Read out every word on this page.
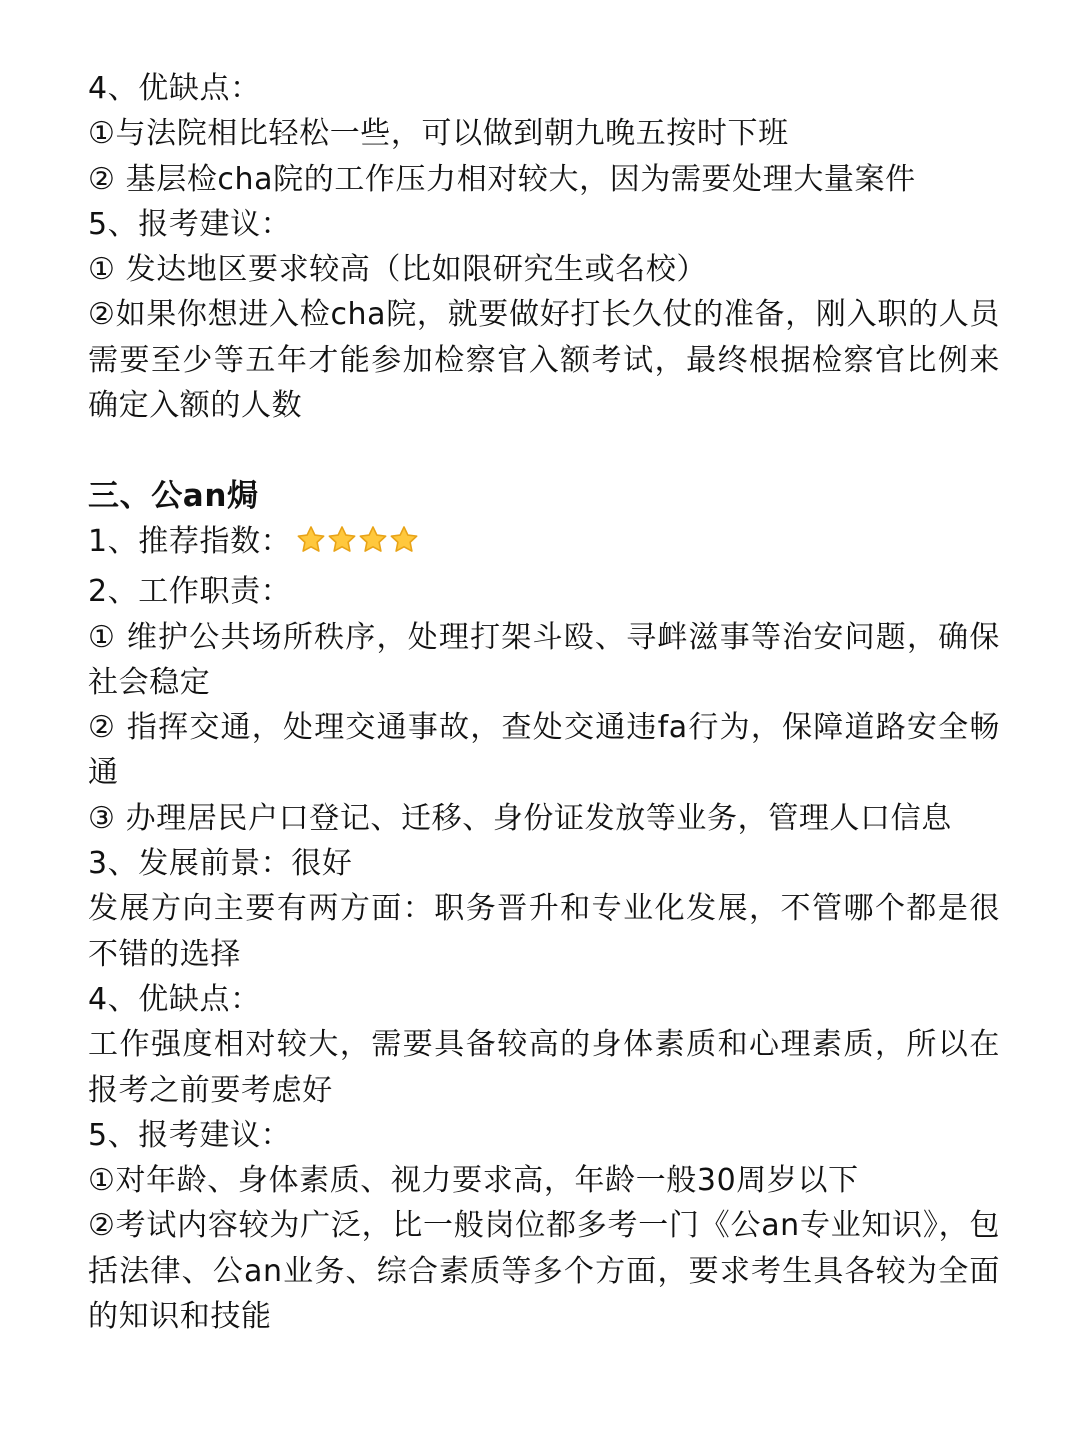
4、优缺点：
①与法院相比轻松一些，可以做到朝九晚五按时下班
② 基层检cha院的工作压力相对较大，因为需要处理大量案件
5、报考建议：
① 发达地区要求较高（比如限研究生或名校）
②如果你想进入检cha院，就要做好打长久仗的准备，刚入职的人员需要至少等五年才能参加检察官入额考试，最终根据检察官比例来确定入额的人数
三、公an焗
1、推荐指数：
2、工作职责：
① 维护公共场所秩序，处理打架斗殴、寻衅滋事等治安问题，确保社会稳定
② 指挥交通，处理交通事故，查处交通违fa行为，保障道路安全畅通
③ 办理居民户口登记、迁移、身份证发放等业务，管理人口信息
3、发展前景：很好
发展方向主要有两方面：职务晋升和专业化发展，不管哪个都是很不错的选择
4、优缺点：
工作强度相对较大，需要具备较高的身体素质和心理素质，所以在报考之前要考虑好
5、报考建议：
①对年龄、身体素质、视力要求高，年龄一般30周岁以下
②考试内容较为广泛，比一般岗位都多考一门《公an专业知识》，包括法律、公an业务、综合素质等多个方面，要求考生具各较为全面的知识和技能
